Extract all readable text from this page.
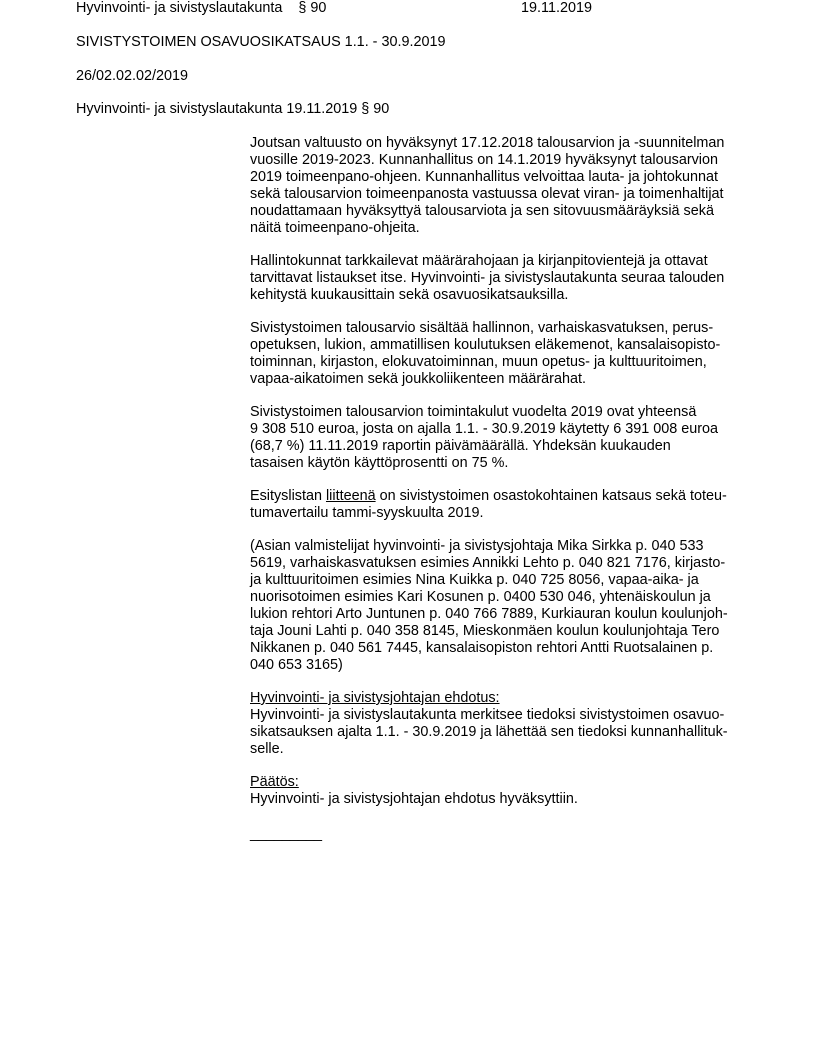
Hyvinvointi- ja sivistyslautakunta    § 90	19.11.2019
SIVISTYSTOIMEN OSAVUOSIKATSAUS 1.1. - 30.9.2019
26/02.02.02/2019
Hyvinvointi- ja sivistyslautakunta 19.11.2019 § 90

Joutsan valtuusto on hyväksynyt 17.12.2018 talousarvion ja -suunnitelman
vuosille 2019-2023. Kunnanhallitus on 14.1.2019 hyväksynyt talousarvion
2019 toimeenpano-ohjeen. Kunnanhallitus velvoittaa lauta- ja johtokunnat
sekä talousarvion toimeenpanosta vastuussa olevat viran- ja toimenhaltijat
noudattamaan hyväksyttyä talousarviota ja sen sitovuusmääräyksiä sekä
näitä toimeenpano-ohjeita.

Hallintokunnat tarkkailevat määrärahojaan ja kirjanpitovientejä ja ottavat
tarvittavat listaukset itse. Hyvinvointi- ja sivistyslautakunta seuraa talouden
kehitystä kuukausittain sekä osavuosikatsauksilla.

Sivistystoimen talousarvio sisältää hallinnon, varhaiskasvatuksen, perus-
opetuksen, lukion, ammatillisen koulutuksen eläkemenot, kansalaisopisto-
toiminnan, kirjaston, elokuvatoiminnan, muun opetus- ja kulttuuritoimen,
vapaa-aikatoimen sekä joukkoliikenteen määrärahat.

Sivistystoimen talousarvion toimintakulut vuodelta 2019 ovat yhteensä
9 308 510 euroa, josta on ajalla 1.1. - 30.9.2019 käytetty 6 391 008 euroa
(68,7 %) 11.11.2019 raportin päivämäärällä. Yhdeksän kuukauden
tasaisen käytön käyttöprosentti on 75 %.

Esityslistan liitteenä on sivistystoimen osastokohtainen katsaus sekä toteu-
tumavertailu tammi-syyskuulta 2019.

(Asian valmistelijat hyvinvointi- ja sivistysjohtaja Mika Sirkka p. 040 533
5619, varhaiskasvatuksen esimies Annikki Lehto p. 040 821 7176, kirjasto-
ja kulttuuritoimen esimies Nina Kuikka p. 040 725 8056, vapaa-aika- ja
nuorisotoimen esimies Kari Kosunen p. 0400 530 046, yhtenäiskoulun ja
lukion rehtori Arto Juntunen p. 040 766 7889, Kurkiauran koulun koulunjoh-
taja Jouni Lahti p. 040 358 8145, Mieskonmäen koulun koulunjohtaja Tero
Nikkanen p. 040 561 7445, kansalaisopiston rehtori Antti Ruotsalainen p.
040 653 3165)

Hyvinvointi- ja sivistysjohtajan ehdotus:
Hyvinvointi- ja sivistyslautakunta merkitsee tiedoksi sivistystoimen osavuo-
sikatsauksen ajalta 1.1. - 30.9.2019 ja lähettää sen tiedoksi kunnanhallituk-
selle.

Päätös:
Hyvinvointi- ja sivistysjohtajan ehdotus hyväksyttiin.

_________
